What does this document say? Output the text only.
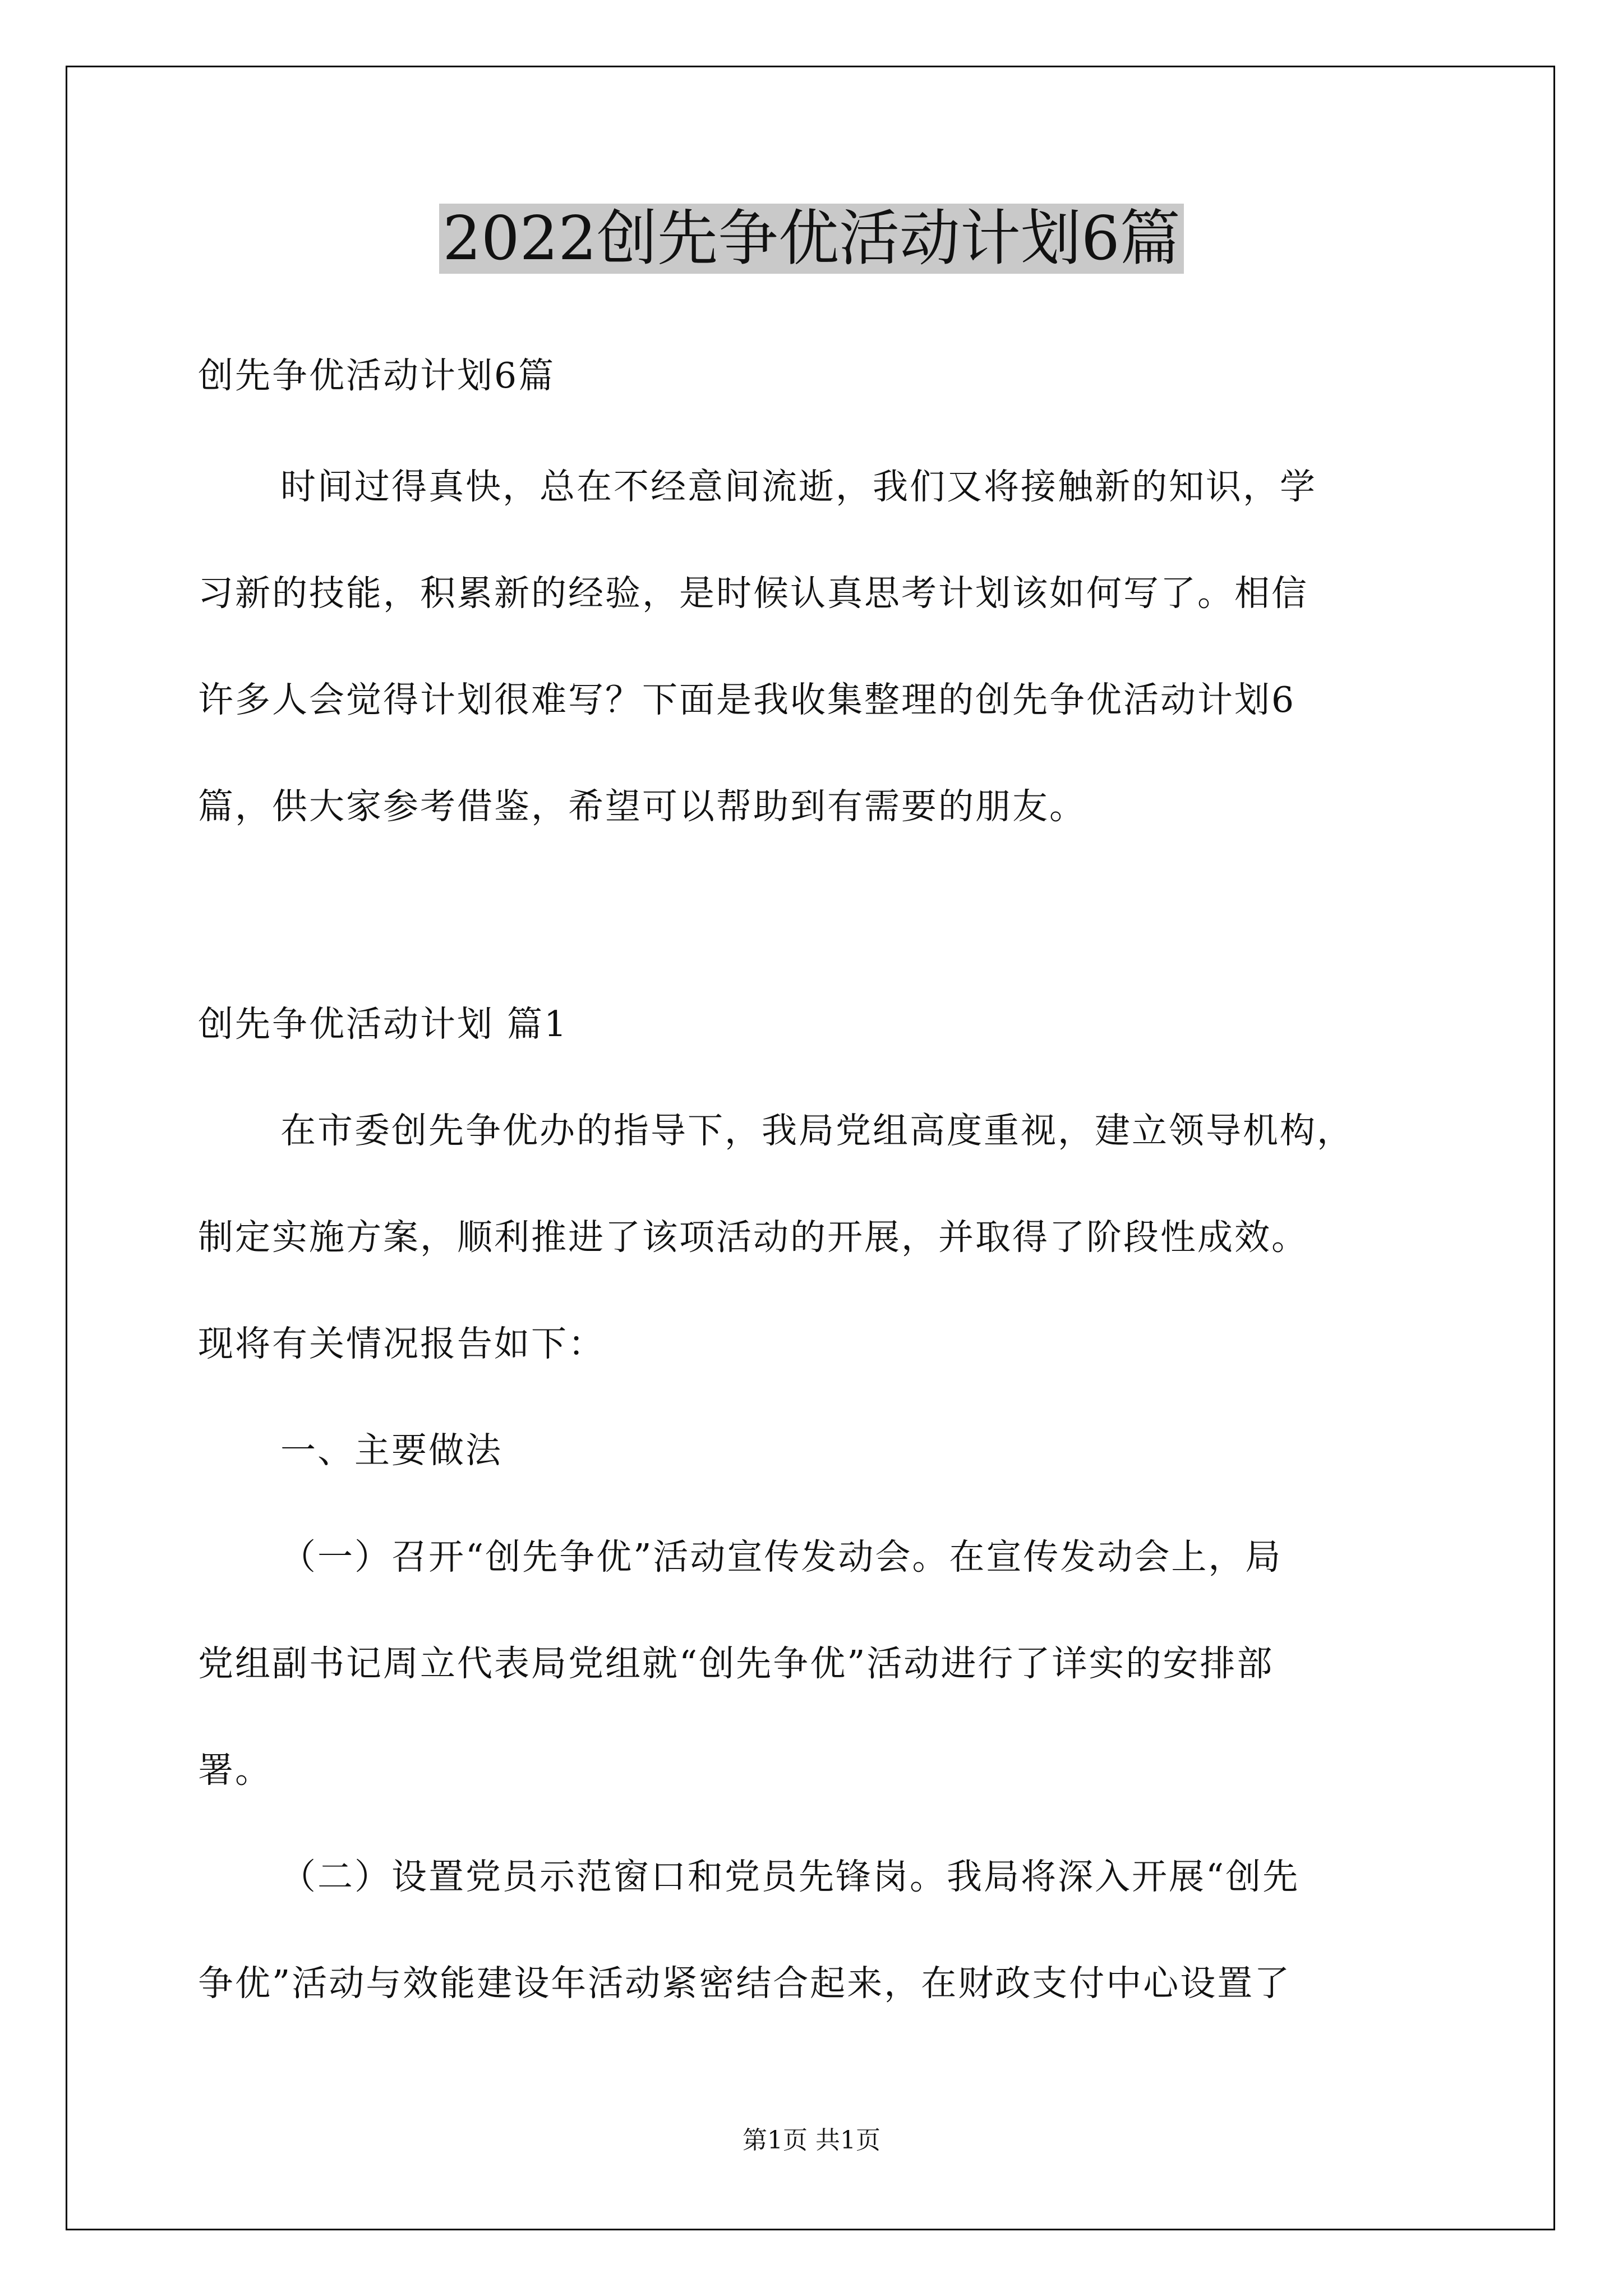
2022创先争优活动计划6篇
创先争优活动计划6篇
时间过得真快，总在不经意间流逝，我们又将接触新的知识，学
习新的技能，积累新的经验，是时候认真思考计划该如何写了。相信
许多人会觉得计划很难写？下面是我收集整理的创先争优活动计划6
篇，供大家参考借鉴，希望可以帮助到有需要的朋友。
创先争优活动计划 篇1
在市委创先争优办的指导下，我局党组高度重视，建立领导机构，
制定实施方案，顺利推进了该项活动的开展，并取得了阶段性成效。
现将有关情况报告如下：
一、主要做法
（一）召开“创先争优”活动宣传发动会。在宣传发动会上，局
党组副书记周立代表局党组就“创先争优”活动进行了详实的安排部
署。
（二）设置党员示范窗口和党员先锋岗。我局将深入开展“创先
争优”活动与效能建设年活动紧密结合起来，在财政支付中心设置了
第1页 共1页
